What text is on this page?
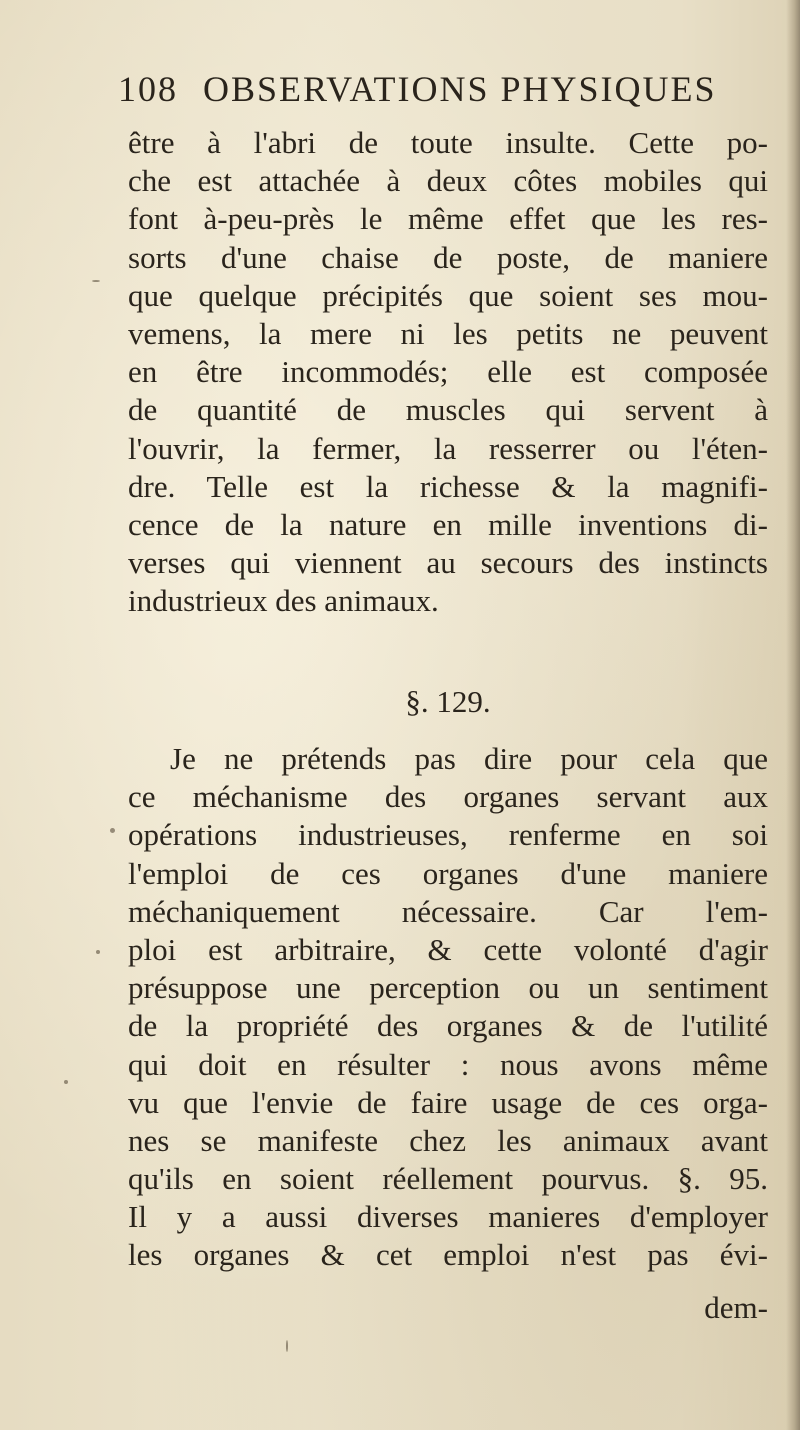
108 OBSERVATIONS PHYSIQUES
être à l'abri de toute insulte. Cette po-
che est attachée à deux côtes mobiles qui
font à-peu-près le même effet que les res-
sorts d'une chaise de poste, de maniere
que quelque précipités que soient ses mou-
vemens, la mere ni les petits ne peuvent
en être incommodés; elle est composée
de quantité de muscles qui servent à
l'ouvrir, la fermer, la resserrer ou l'éten-
dre. Telle est la richesse & la magnifi-
cence de la nature en mille inventions di-
verses qui viennent au secours des instincts
industrieux des animaux.
§. 129.
Je ne prétends pas dire pour cela que
ce méchanisme des organes servant aux
opérations industrieuses, renferme en soi
l'emploi de ces organes d'une maniere
méchaniquement nécessaire. Car l'em-
ploi est arbitraire, & cette volonté d'agir
présuppose une perception ou un sentiment
de la propriété des organes & de l'utilité
qui doit en résulter : nous avons même
vu que l'envie de faire usage de ces orga-
nes se manifeste chez les animaux avant
qu'ils en soient réellement pourvus. §. 95.
Il y a aussi diverses manieres d'employer
les organes & cet emploi n'est pas évi-
dem-
